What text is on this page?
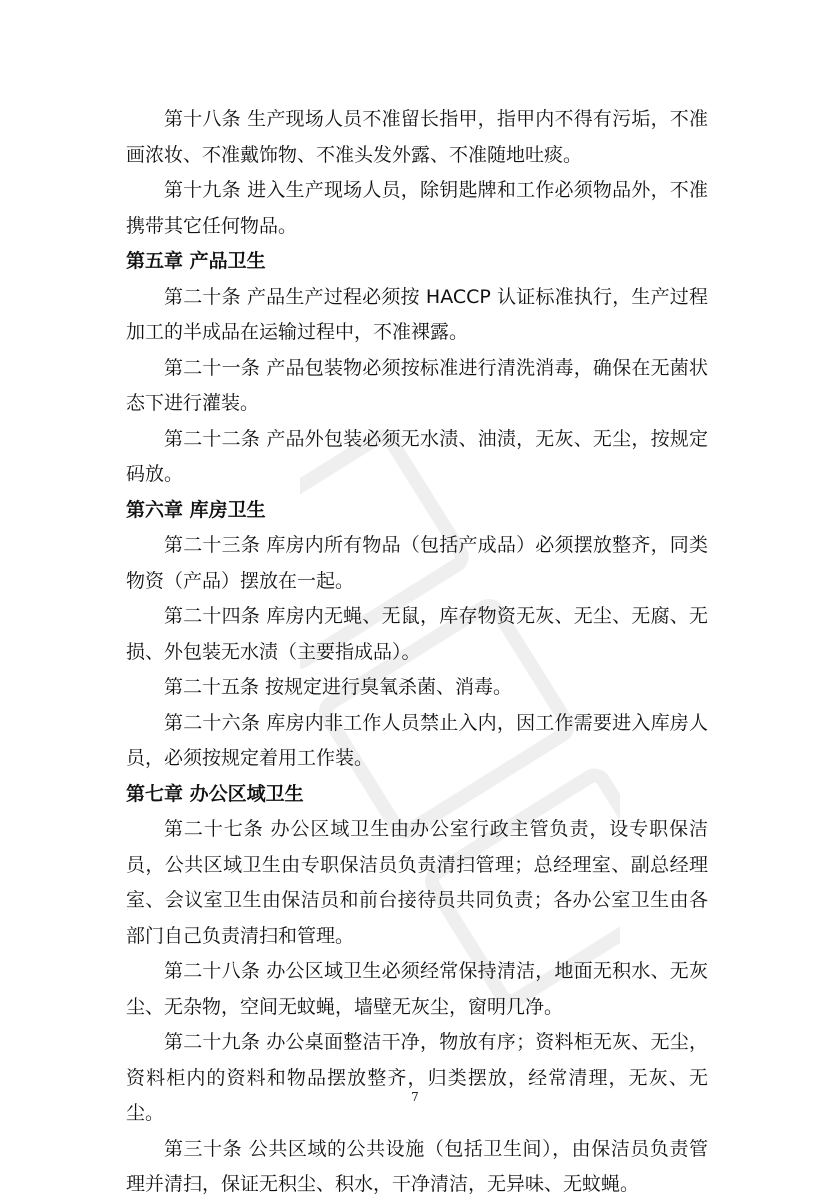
第十八条 生产现场人员不准留长指甲，指甲内不得有污垢，不准画浓妆、不准戴饰物、不准头发外露、不准随地吐痰。

第十九条 进入生产现场人员，除钥匙牌和工作必须物品外，不准携带其它任何物品。

第五章 产品卫生

第二十条 产品生产过程必须按 HACCP 认证标准执行，生产过程加工的半成品在运输过程中，不准裸露。

第二十一条 产品包装物必须按标准进行清洗消毒，确保在无菌状态下进行灌装。

第二十二条 产品外包装必须无水渍、油渍，无灰、无尘，按规定码放。

第六章 库房卫生

第二十三条 库房内所有物品（包括产成品）必须摆放整齐，同类物资（产品）摆放在一起。

第二十四条 库房内无蝇、无鼠，库存物资无灰、无尘、无腐、无损、外包装无水渍（主要指成品）。

第二十五条 按规定进行臭氧杀菌、消毒。

第二十六条 库房内非工作人员禁止入内，因工作需要进入库房人员，必须按规定着用工作装。

第七章 办公区域卫生

第二十七条 办公区域卫生由办公室行政主管负责，设专职保洁员，公共区域卫生由专职保洁员负责清扫管理；总经理室、副总经理室、会议室卫生由保洁员和前台接待员共同负责；各办公室卫生由各部门自己负责清扫和管理。

第二十八条 办公区域卫生必须经常保持清洁，地面无积水、无灰尘、无杂物，空间无蚊蝇，墙壁无灰尘，窗明几净。

第二十九条 办公桌面整洁干净，物放有序；资料柜无灰、无尘，资料柜内的资料和物品摆放整齐，归类摆放，经常清理，无灰、无尘。

第三十条 公共区域的公共设施（包括卫生间），由保洁员负责管理并清扫，保证无积尘、积水，干净清洁，无异味、无蚊蝇。

7
